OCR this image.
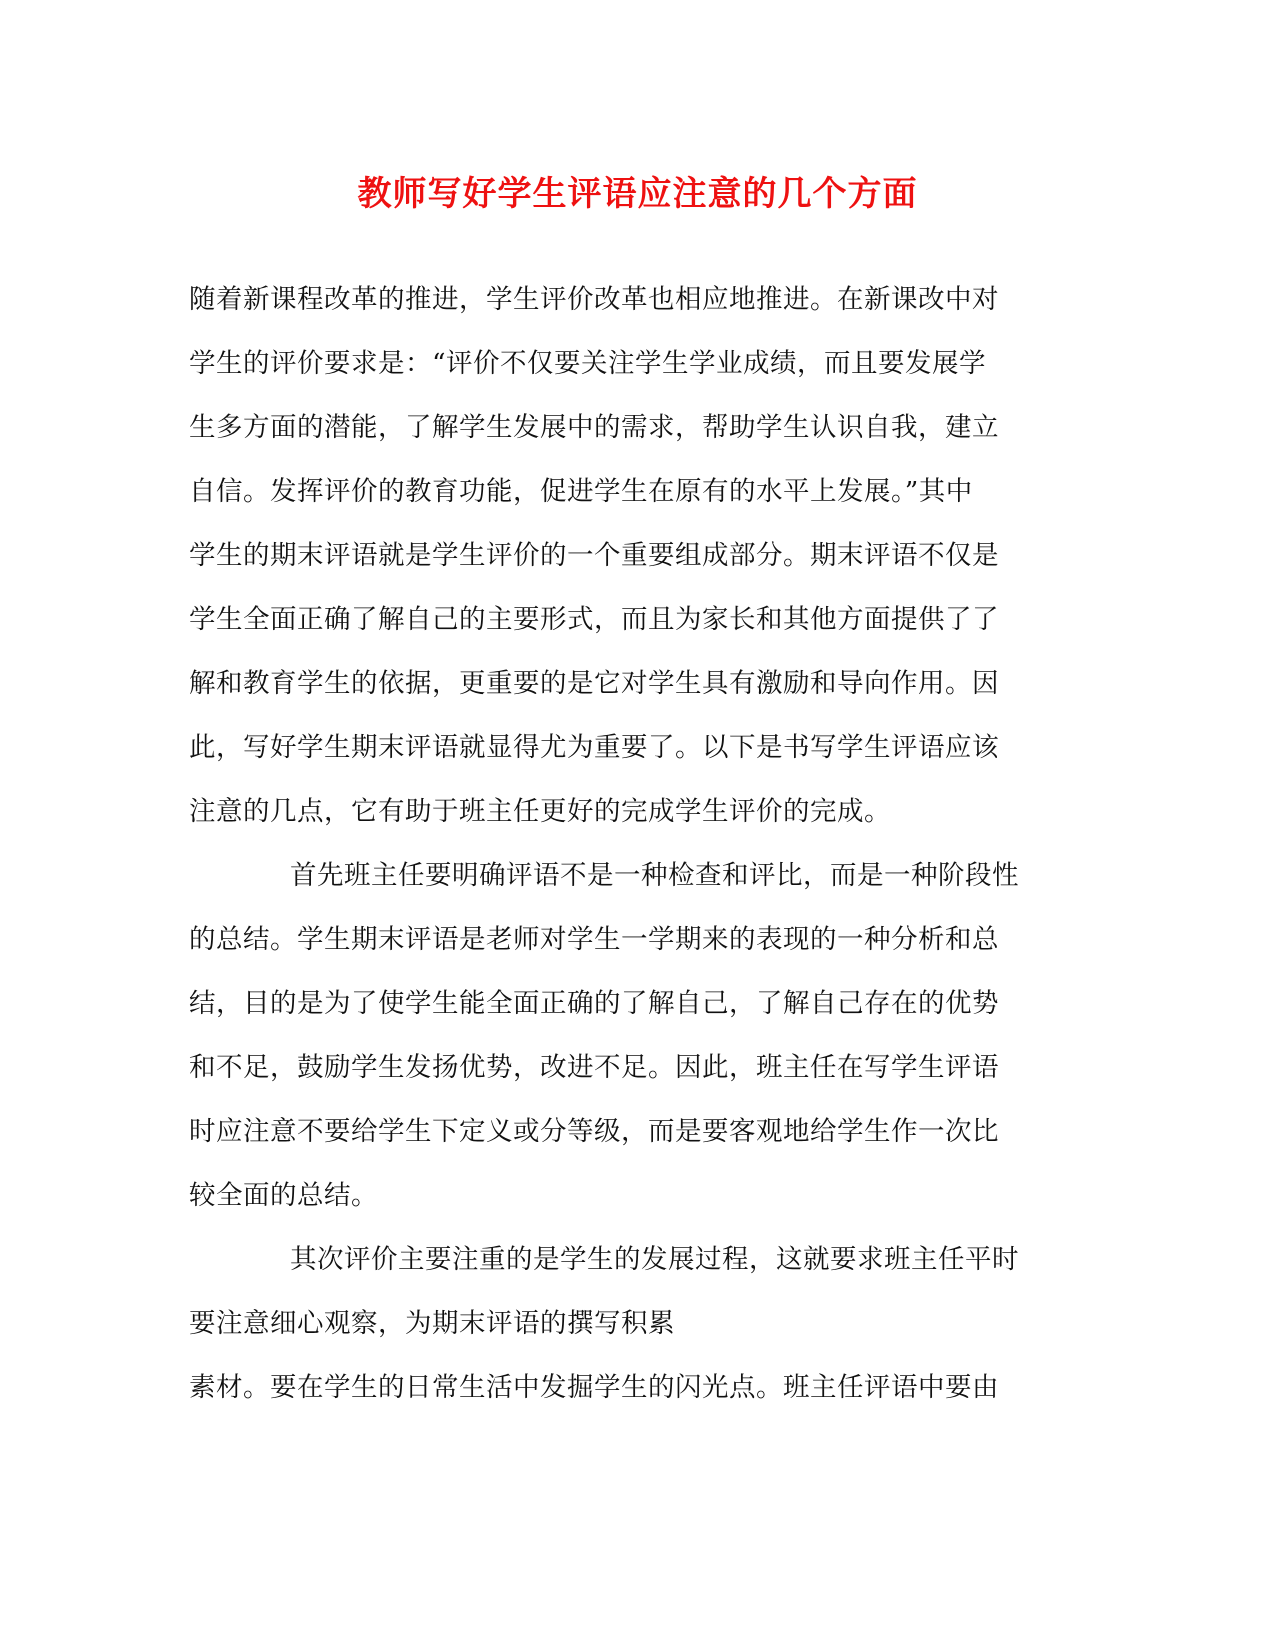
教师写好学生评语应注意的几个方面
随着新课程改革的推进，学生评价改革也相应地推进。在新课改中对
学生的评价要求是：“评价不仅要关注学生学业成绩，而且要发展学
生多方面的潜能，了解学生发展中的需求，帮助学生认识自我，建立
自信。发挥评价的教育功能，促进学生在原有的水平上发展。”其中
学生的期末评语就是学生评价的一个重要组成部分。期末评语不仅是
学生全面正确了解自己的主要形式，而且为家长和其他方面提供了了
解和教育学生的依据，更重要的是它对学生具有激励和导向作用。因
此，写好学生期末评语就显得尤为重要了。以下是书写学生评语应该
注意的几点，它有助于班主任更好的完成学生评价的完成。
首先班主任要明确评语不是一种检查和评比，而是一种阶段性
的总结。学生期末评语是老师对学生一学期来的表现的一种分析和总
结，目的是为了使学生能全面正确的了解自己，了解自己存在的优势
和不足，鼓励学生发扬优势，改进不足。因此，班主任在写学生评语
时应注意不要给学生下定义或分等级，而是要客观地给学生作一次比
较全面的总结。
其次评价主要注重的是学生的发展过程，这就要求班主任平时
要注意细心观察，为期末评语的撰写积累
素材。要在学生的日常生活中发掘学生的闪光点。班主任评语中要由
